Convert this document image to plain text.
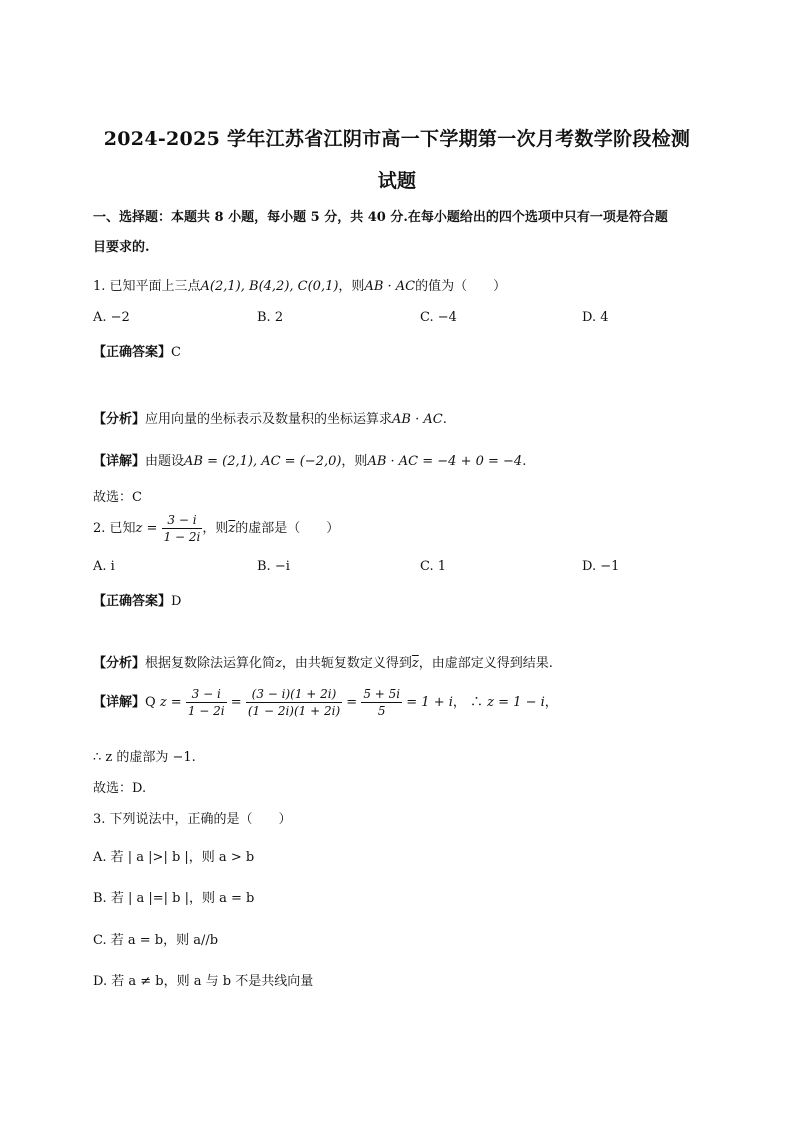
2024-2025 学年江苏省江阴市高一下学期第一次月考数学阶段检测
试题
一、选择题：本题共 8 小题，每小题 5 分，共 40 分.在每小题给出的四个选项中只有一项是符合题
目要求的.
1. 已知平面上三点A(2,1), B(4,2), C(0,1)，则AB · AC的值为（　　）
A. −2	B. 2	C. −4	D. 4
【正确答案】C
【分析】应用向量的坐标表示及数量积的坐标运算求AB · AC.
【详解】由题设AB = (2,1), AC = (−2,0)，则AB · AC = −4 + 0 = −4.
故选：C
2. 已知$z = \frac{3 - i}{1 - 2i}$ ，则$\overline{z}$的虚部是（　　）
A. i	B. −i	C. 1	D. −1
【正确答案】D
【分析】根据复数除法运算化简z，由共轭复数定义得到$\overline{z}$，由虚部定义得到结果.
【详解】Q $z = \frac{3 - i}{1 - 2i} = \frac{(3 - i)(1 + 2i)}{(1 - 2i)(1 + 2i)} = \frac{5 + 5i}{5} = 1 + i$， ∴ z = 1 − i，
∴ z 的虚部为 −1.
故选：D.
3. 下列说法中，正确的是（　　）
A. 若 | a |>| b |，则 a > b
B. 若 | a |=| b |，则 a = b
C. 若 a = b，则 a//b
D. 若 a ≠ b，则 a 与 b 不是共线向量
